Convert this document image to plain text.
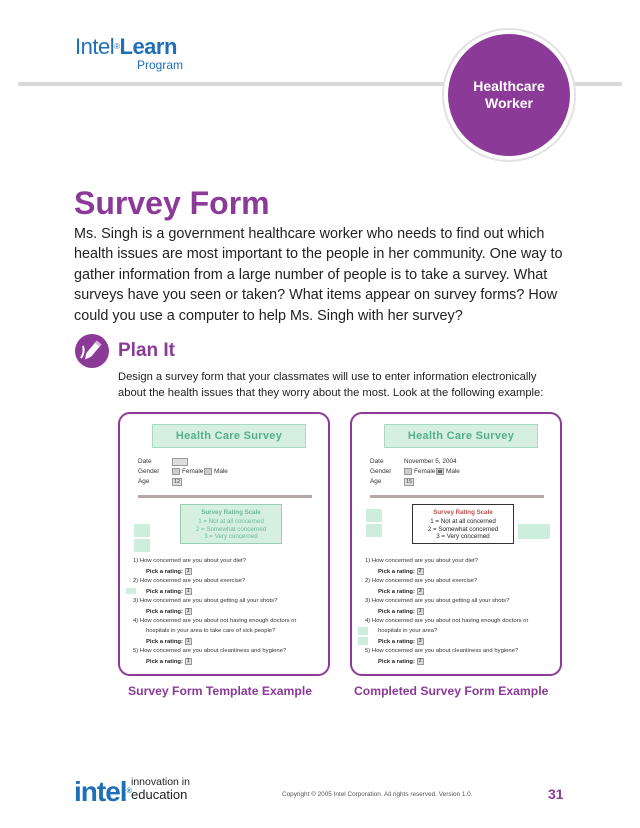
Intel®Learn
Program
Healthcare
Worker
Survey Form
Ms. Singh is a government healthcare worker who needs to find out which health issues are most important to the people in her community. One way to gather information from a large number of people is to take a survey. What surveys have you seen or taken? What items appear on survey forms? How could you use a computer to help Ms. Singh with her survey?
Plan It
Design a survey form that your classmates will use to enter information electronically about the health issues that they worry about the most. Look at the following example:
Health Care Survey
Date
Gender	Female Male
Age	12
Survey Rating Scale
1 = Not at all concerned
2 = Somewhat concerned
3 = Very concerned
1) How concerned are you about your diet?
Pick a rating: 1
2) How concerned are you about exercise?
Pick a rating: 1
3) How concerned are you about getting all your shots?
Pick a rating: 1
4) How concerned are you about not having enough doctors or
hospitals in your area to take care of sick people?
Pick a rating: 1
5) How concerned are you about cleanliness and hygiene?
Pick a rating: 1
Health Care Survey
Date	November 5, 2004
Gender	Female Male
Age	15
Survey Rating Scale
1 = Not at all concerned
2 = Somewhat concerned
3 = Very concerned
1) How concerned are you about your diet?
Pick a rating: 2
2) How concerned are you about exercise?
Pick a rating: 3
3) How concerned are you about getting all your shots?
Pick a rating: 1
4) How concerned are you about not having enough doctors or
hospitals in your area?
Pick a rating: 3
5) How concerned are you about cleanliness and hygiene?
Pick a rating: 2
Survey Form Template Example	Completed Survey Form Example
intel®
innovation in
education	Copyright © 2005 Intel Corporation. All rights reserved. Version 1.0.	31
